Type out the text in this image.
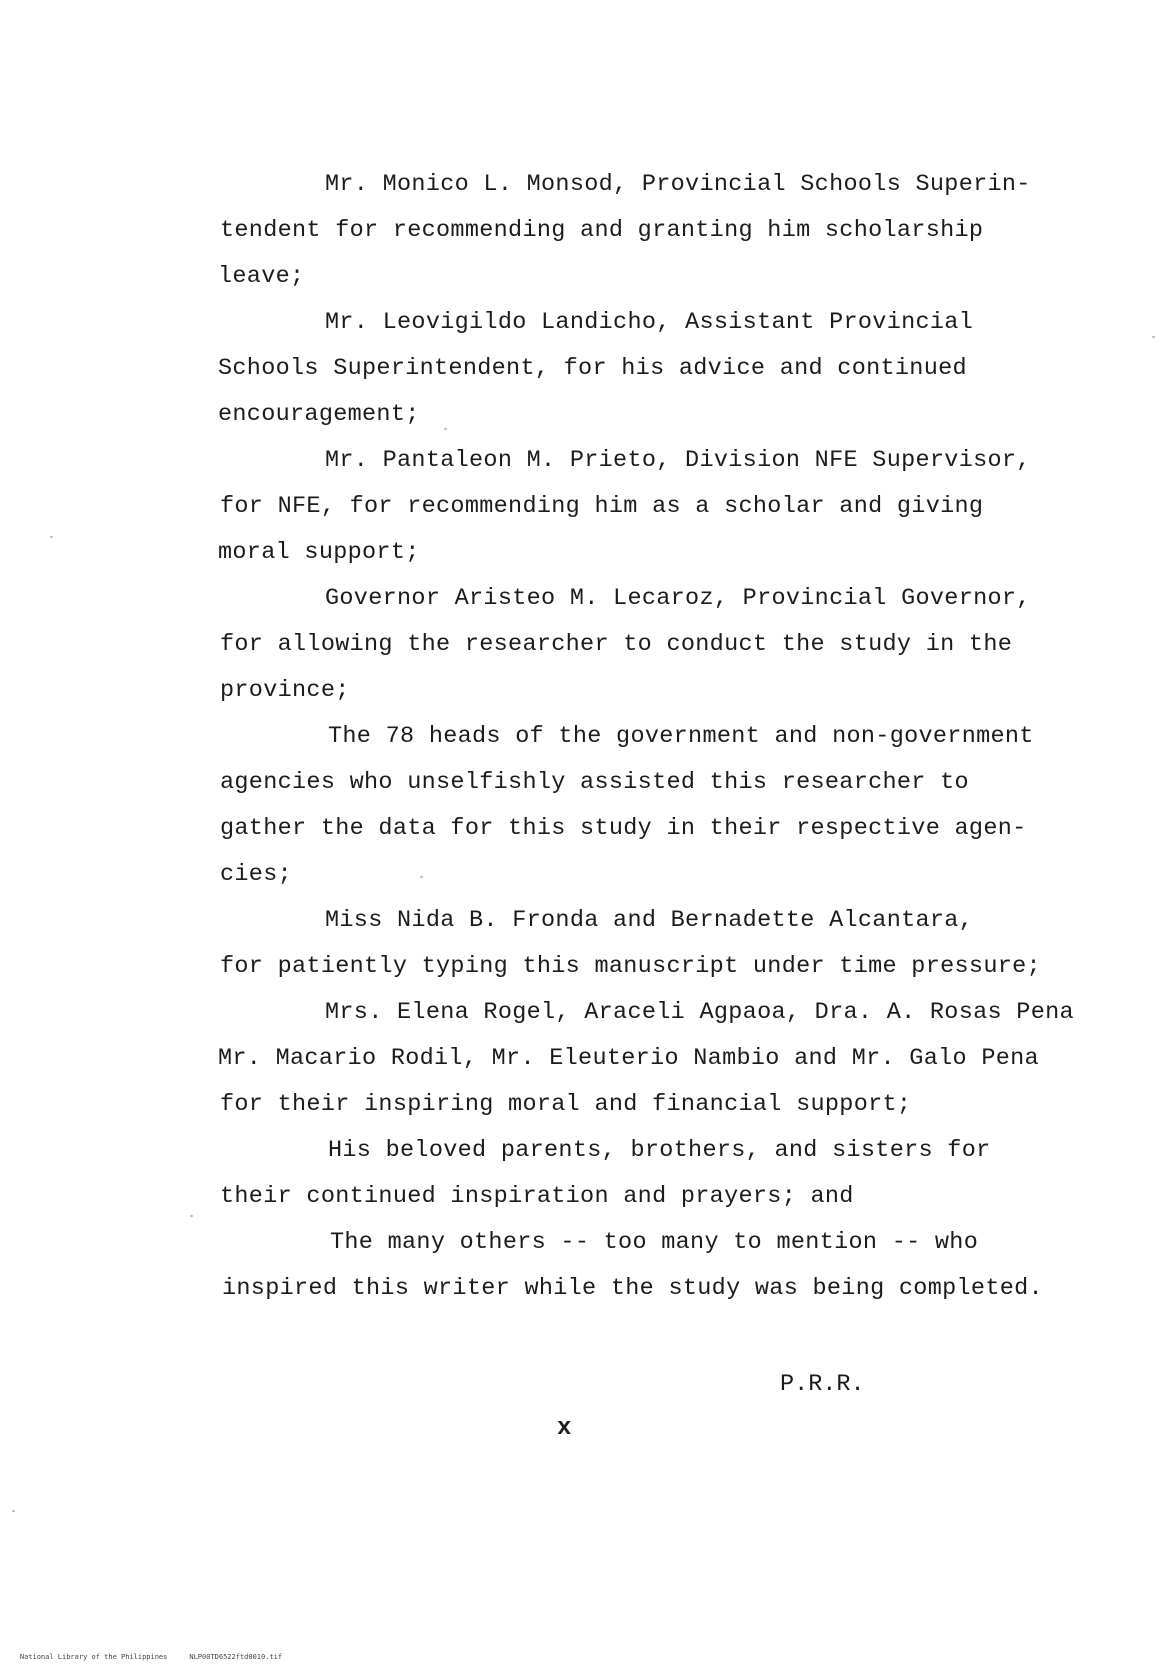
Mr. Monico L. Monsod, Provincial Schools Superin-
tendent for recommending and granting him scholarship
leave;
Mr. Leovigildo Landicho, Assistant Provincial
Schools Superintendent, for his advice and continued
encouragement;
Mr. Pantaleon M. Prieto, Division NFE Supervisor,
for NFE, for recommending him as a scholar and giving
moral support;
Governor Aristeo M. Lecaroz, Provincial Governor,
for allowing the researcher to conduct the study in the
province;
The 78 heads of the government and non-government
agencies who unselfishly assisted this researcher to
gather the data for this study in their respective agen-
cies;
Miss Nida B. Fronda and Bernadette Alcantara,
for patiently typing this manuscript under time pressure;
Mrs. Elena Rogel, Araceli Agpaoa, Dra. A. Rosas Pena
Mr. Macario Rodil, Mr. Eleuterio Nambio and Mr. Galo Pena
for their inspiring moral and financial support;
His beloved parents, brothers, and sisters for
their continued inspiration and prayers; and
The many others -- too many to mention -- who
inspired this writer while the study was being completed.
P.R.R.
x

National Library of the Philippines	NLP00TD6522ftd0010.tif
